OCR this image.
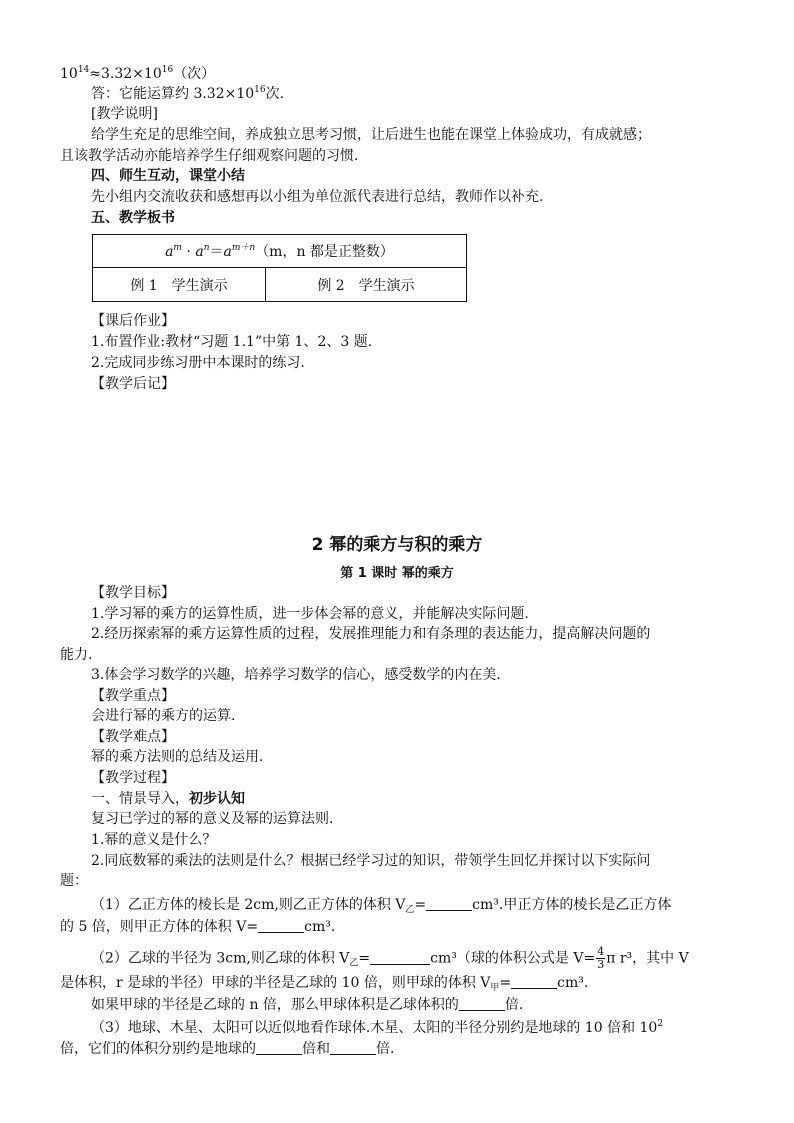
$10^{14}\approx 3.32\times 10^{16}$（次）
答：它能运算约 $3.32\times 10^{16}$次.
[教学说明]
给学生充足的思维空间，养成独立思考习惯，让后进生也能在课堂上体验成功，有成就感；
且该教学活动亦能培养学生仔细观察问题的习惯.
四、师生互动，课堂小结
先小组内交流收获和感想再以小组为单位派代表进行总结，教师作以补充.
五、教学板书
$a^m \cdot a^n=a^{m+n}(m$，n 都是正整数）
例 1　学生演示	例 2　学生演示
【课后作业】
1.布置作业:教材“习题 1.1”中第 1、2、3 题.
2.完成同步练习册中本课时的练习.
【教学后记】
2 幂的乘方与积的乘方
第 1 课时 幂的乘方
【教学目标】
1.学习幂的乘方的运算性质，进一步体会幂的意义，并能解决实际问题.
2.经历探索幂的乘方运算性质的过程，发展推理能力和有条理的表达能力，提高解决问题的
能力.
3.体会学习数学的兴趣，培养学习数学的信心，感受数学的内在美.
【教学重点】
会进行幂的乘方的运算.
【教学难点】
幂的乘方法则的总结及运用.
【教学过程】
一、情景导入，初步认知
复习已学过的幂的意义及幂的运算法则.
1.幂的意义是什么？
2.同底数幂的乘法的法则是什么？根据已经学习过的知识，带领学生回忆并探讨以下实际问
题：
（1）乙正方体的棱长是 2cm,则乙正方体的体积 $V_乙=$	cm³.甲正方体的棱长是乙正方体
的 5 倍，则甲正方体的体积 V=	cm³.
（2）乙球的半径为 3cm,则乙球的体积 $V_乙=$	cm³（球的体积公式是 $V= \frac{4}{3}$ π r³，其中 V
是体积，r 是球的半径）甲球的半径是乙球的 10 倍，则甲球的体积 $V_甲=$	cm³.
如果甲球的半径是乙球的 n 倍，那么甲球体积是乙球体积的	倍.
（3）地球、木星、太阳可以近似地看作球体.木星、太阳的半径分别约是地球的 10 倍和 $10^2$
倍，它们的体积分别约是地球的	倍和	倍.
